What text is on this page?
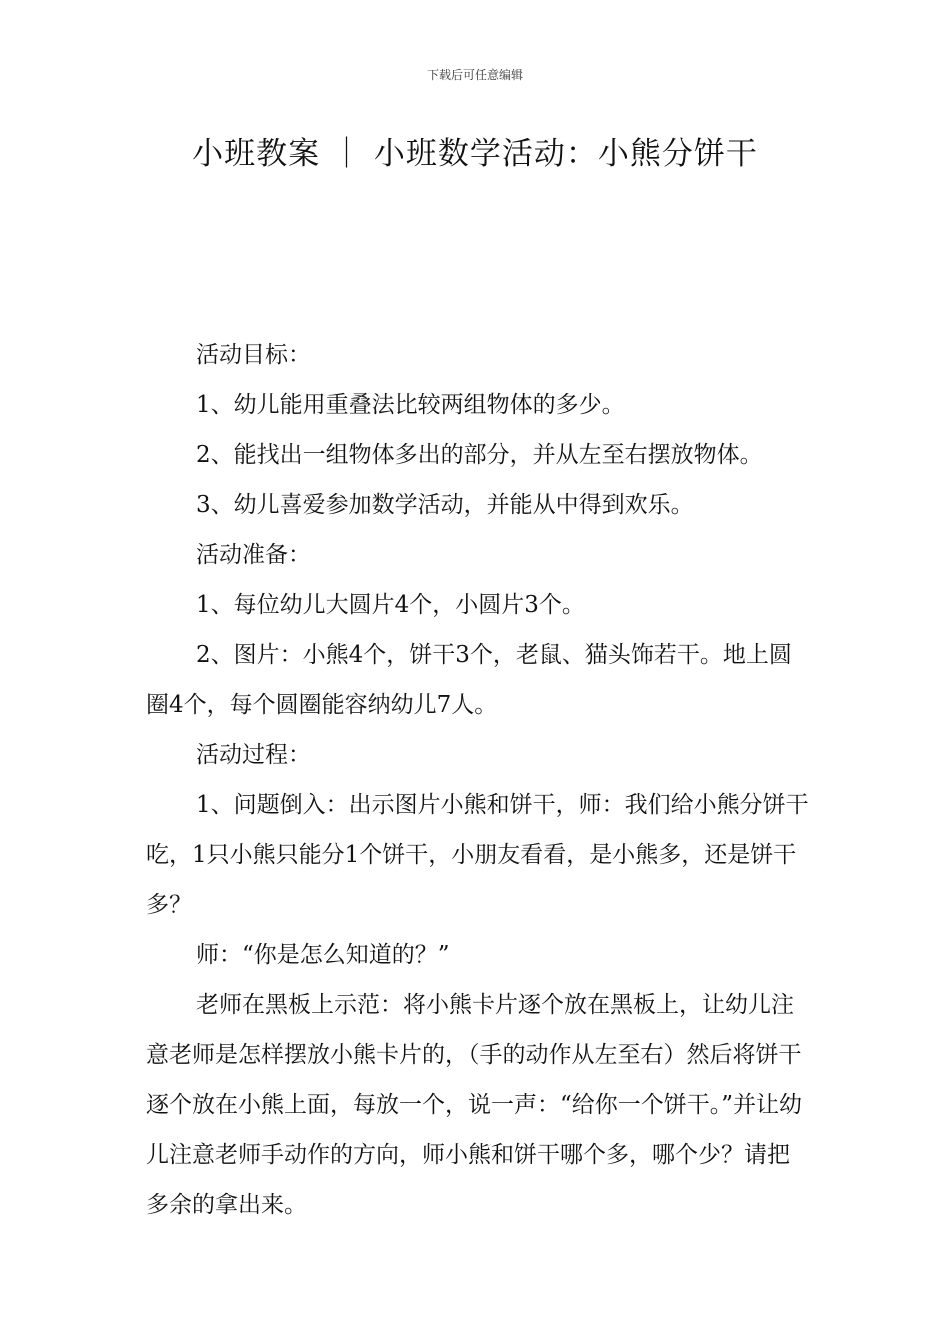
下载后可任意编辑
小班教案 ｜ 小班数学活动：小熊分饼干

活动目标：

1、幼儿能用重叠法比较两组物体的多少。

2、能找出一组物体多出的部分，并从左至右摆放物体。

3、幼儿喜爱参加数学活动，并能从中得到欢乐。

活动准备：

1、每位幼儿大圆片4个，小圆片3个。

2、图片：小熊4个，饼干3个，老鼠、猫头饰若干。地上圆圈4个，每个圆圈能容纳幼儿7人。

活动过程：

1、问题倒入：出示图片小熊和饼干，师：我们给小熊分饼干吃，1只小熊只能分1个饼干，小朋友看看，是小熊多，还是饼干多？

师：“你是怎么知道的？”

老师在黑板上示范：将小熊卡片逐个放在黑板上，让幼儿注意老师是怎样摆放小熊卡片的，（手的动作从左至右）然后将饼干逐个放在小熊上面，每放一个，说一声：“给你一个饼干。”并让幼儿注意老师手动作的方向，师小熊和饼干哪个多，哪个少？请把多余的拿出来。
